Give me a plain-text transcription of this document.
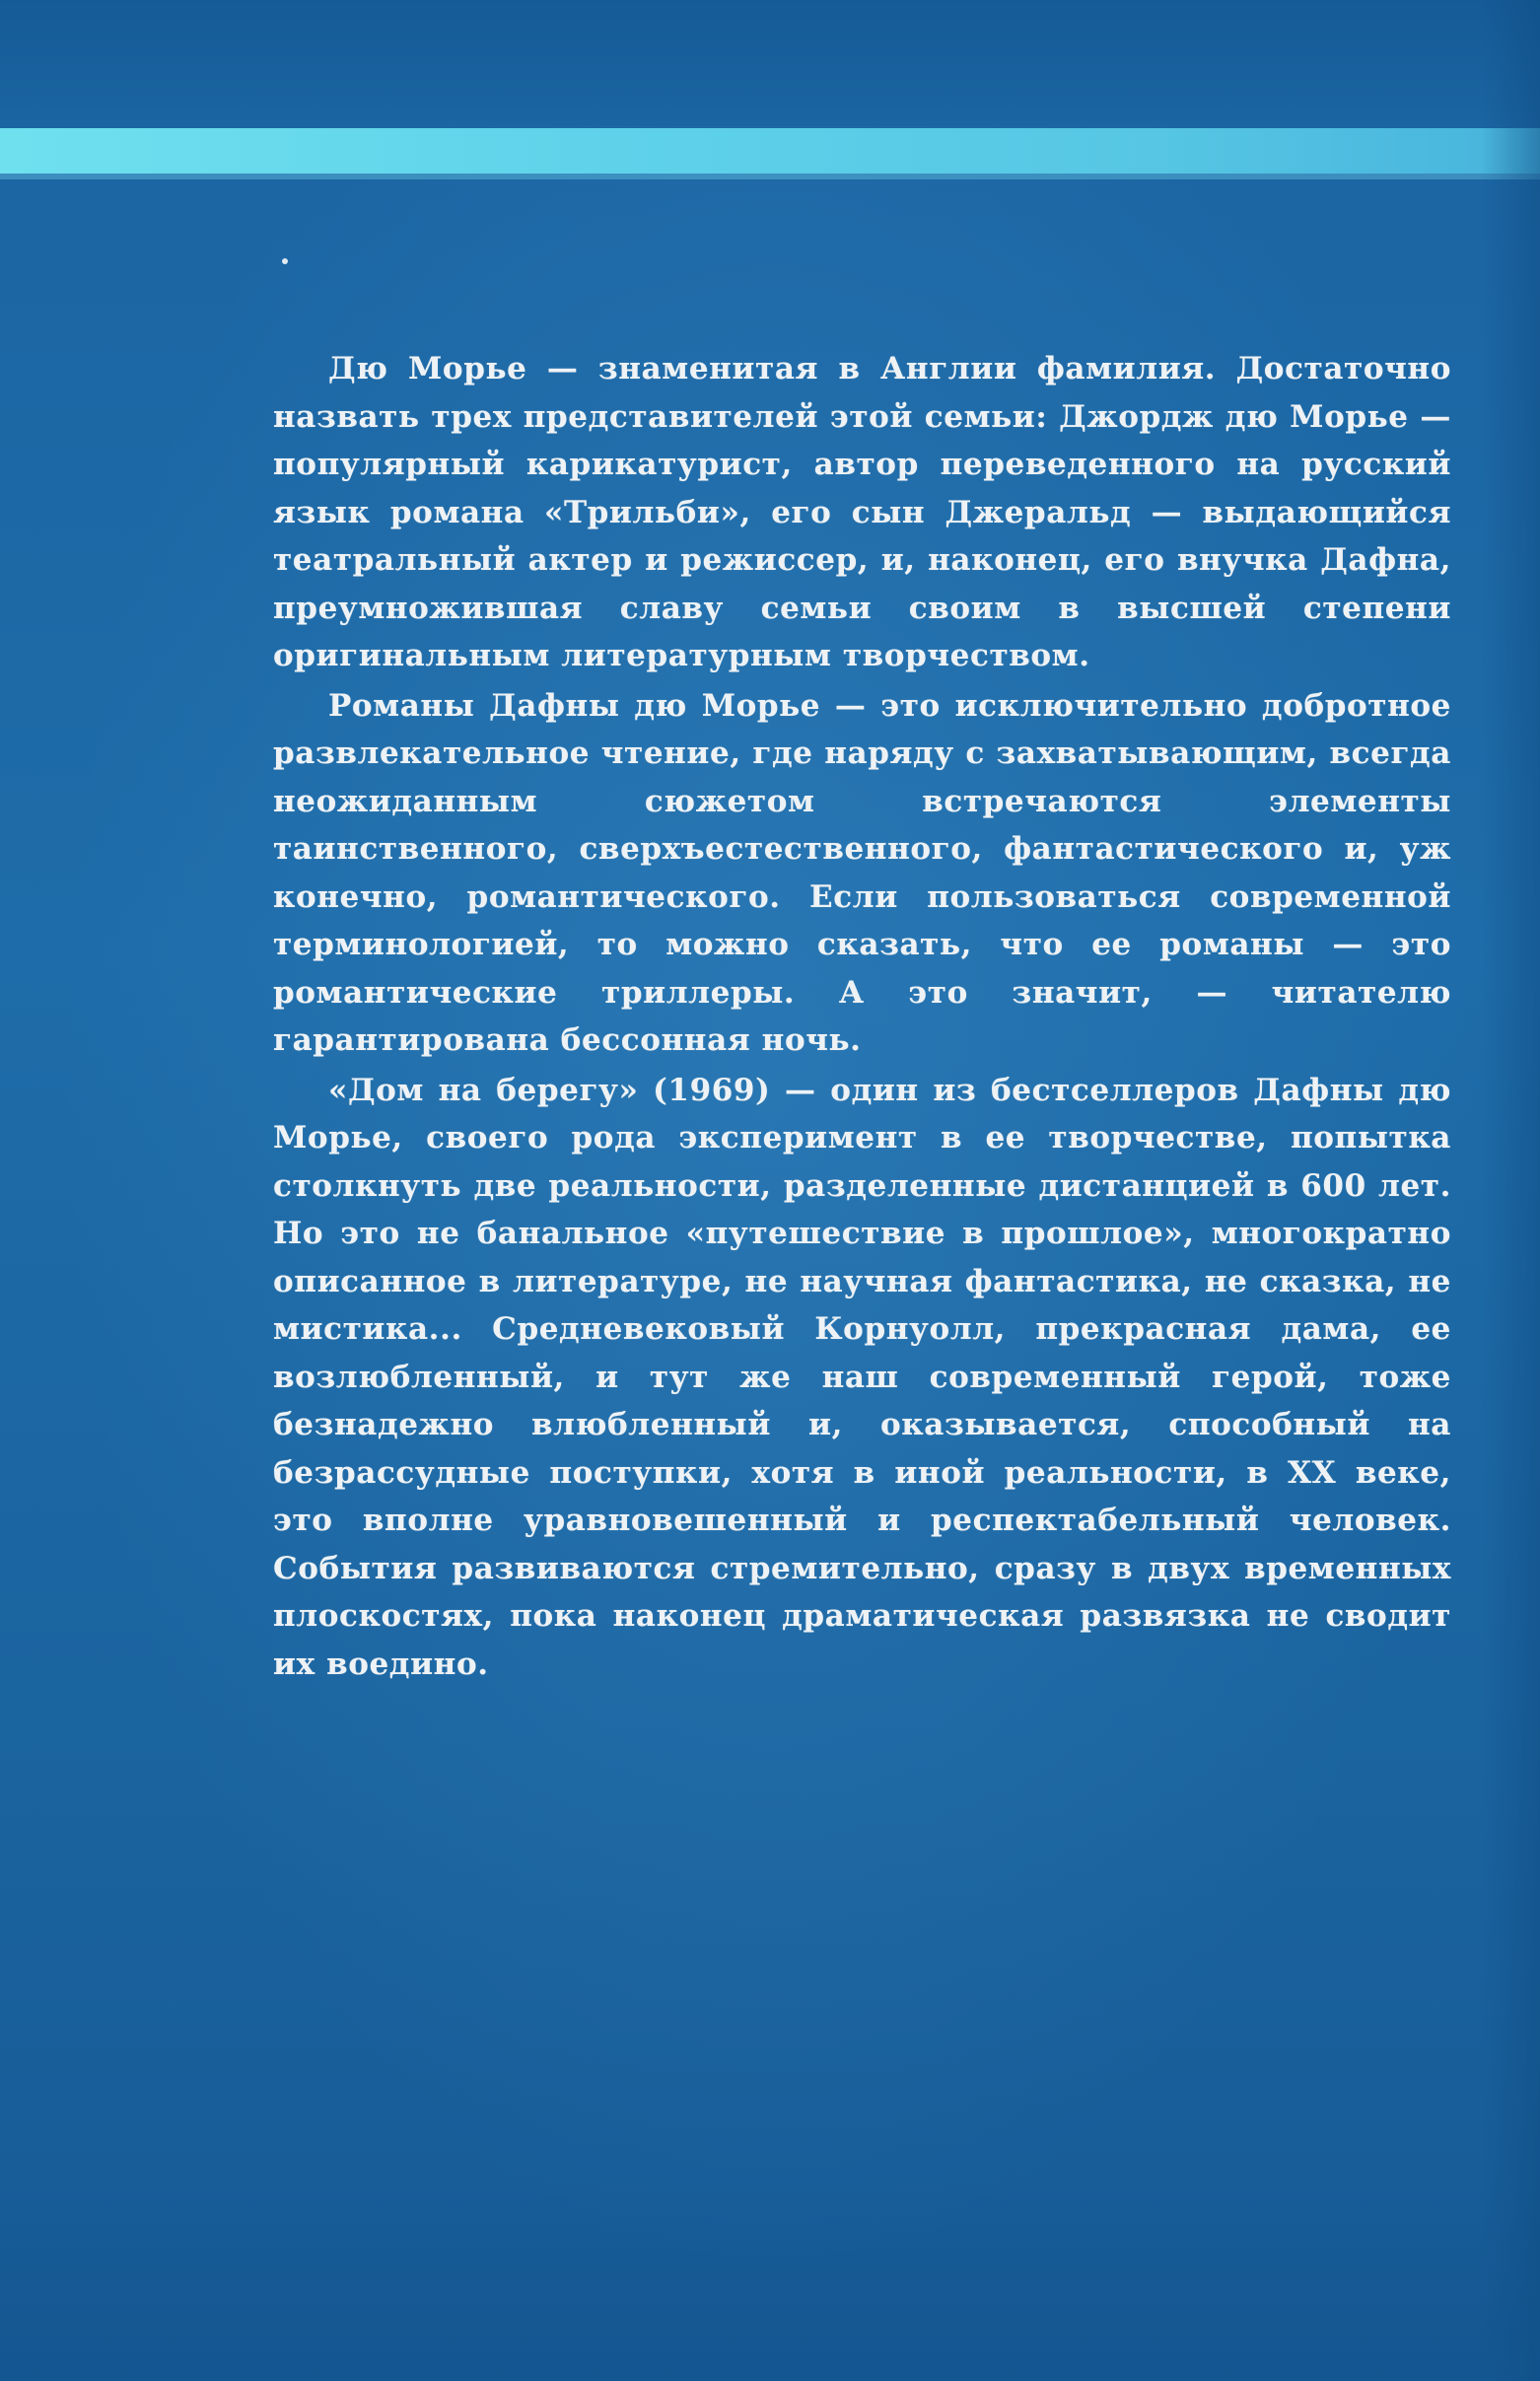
Дю Морье — знаменитая в Англии фамилия. Достаточно назвать трех представителей этой семьи: Джордж дю Морье — популярный карикатурист, автор переведенного на русский язык романа «Трильби», его сын Джеральд — выдающийся театральный актер и режиссер, и, наконец, его внучка Дафна, преумножившая славу семьи своим в высшей степени оригинальным литературным творчеством.

Романы Дафны дю Морье — это исключительно добротное развлекательное чтение, где наряду с захватывающим, всегда неожиданным сюжетом встречаются элементы таинственного, сверхъестественного, фантастического и, уж конечно, романтического. Если пользоваться современной терминологией, то можно сказать, что ее романы — это романтические триллеры. А это значит, — читателю гарантирована бессонная ночь.

«Дом на берегу» (1969) — один из бестселлеров Дафны дю Морье, своего рода эксперимент в ее творчестве, попытка столкнуть две реальности, разделенные дистанцией в 600 лет. Но это не банальное «путешествие в прошлое», многократно описанное в литературе, не научная фантастика, не сказка, не мистика... Средневековый Корнуолл, прекрасная дама, ее возлюбленный, и тут же наш современный герой, тоже безнадежно влюбленный и, оказывается, способный на безрассудные поступки, хотя в иной реальности, в XX веке, это вполне уравновешенный и респектабельный человек. События развиваются стремительно, сразу в двух временных плоскостях, пока наконец драматическая развязка не сводит их воедино.
